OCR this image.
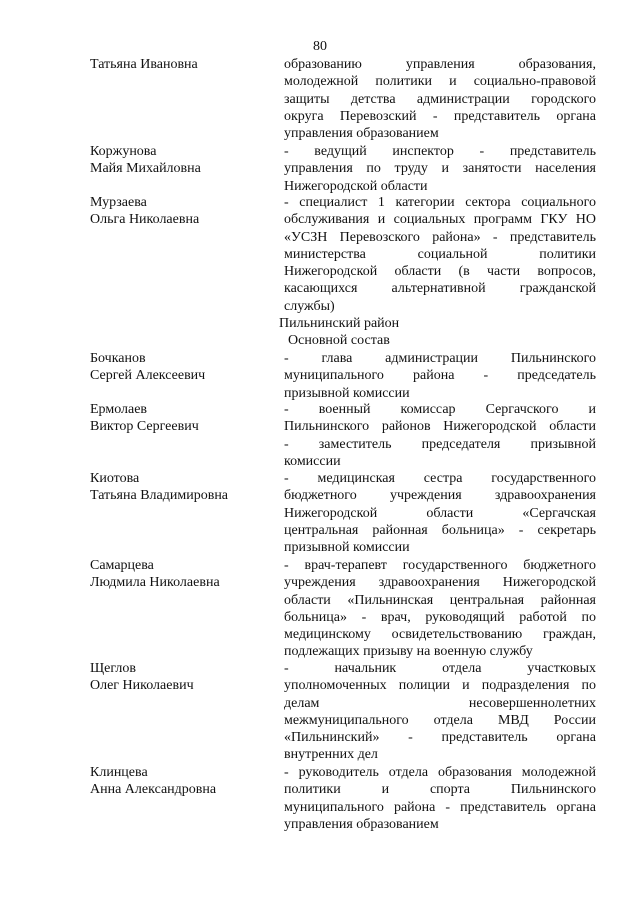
80
Татьяна Ивановна	образованию управления образования,
молодежной политики и социально-правовой
защиты детства администрации городского
округа Перевозский - представитель органа
управления образованием
Коржунова
Майя Михайловна
- ведущий инспектор - представитель
управления по труду и занятости населения
Нижегородской области
Мурзаева
Ольга Николаевна
- специалист 1 категории сектора социального
обслуживания и социальных программ ГКУ НО
«УСЗН Перевозского района» - представитель
министерства социальной политики
Нижегородской области (в части вопросов,
касающихся альтернативной гражданской
службы)
Пильнинский район
Основной состав
Бочканов
Сергей Алексеевич
- глава администрации Пильнинского
муниципального района - председатель
призывной комиссии
Ермолаев
Виктор Сергеевич
- военный комиссар Сергачского и
Пильнинского районов Нижегородской области
- заместитель председателя призывной
комиссии
Киотова
Татьяна Владимировна
- медицинская сестра государственного
бюджетного учреждения здравоохранения
Нижегородской области «Сергачская
центральная районная больница» - секретарь
призывной комиссии
Самарцева
Людмила Николаевна
- врач-терапевт государственного бюджетного
учреждения здравоохранения Нижегородской
области «Пильнинская центральная районная
больница» - врач, руководящий работой по
медицинскому освидетельствованию граждан,
подлежащих призыву на военную службу
Щеглов
Олег Николаевич
- начальник отдела участковых
уполномоченных полиции и подразделения по
делам несовершеннолетних
межмуниципального отдела МВД России
«Пильнинский» - представитель органа
внутренних дел
Клинцева
Анна Александровна
- руководитель отдела образования молодежной
политики и спорта Пильнинского
муниципального района - представитель органа
управления образованием
